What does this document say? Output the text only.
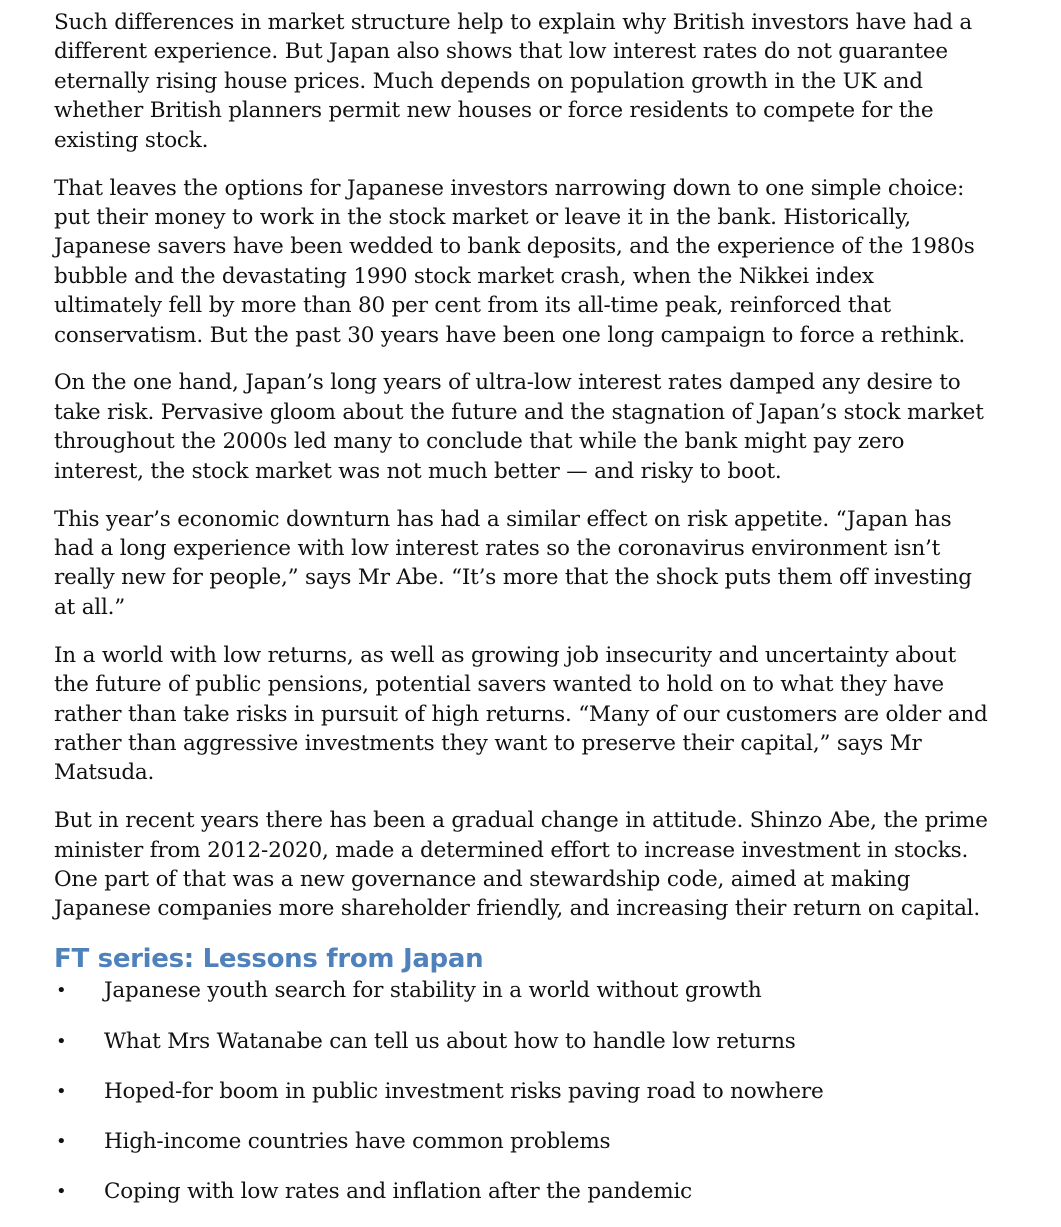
Such differences in market structure help to explain why British investors have had a
different experience. But Japan also shows that low interest rates do not guarantee
eternally rising house prices. Much depends on population growth in the UK and
whether British planners permit new houses or force residents to compete for the
existing stock.

That leaves the options for Japanese investors narrowing down to one simple choice:
put their money to work in the stock market or leave it in the bank. Historically,
Japanese savers have been wedded to bank deposits, and the experience of the 1980s
bubble and the devastating 1990 stock market crash, when the Nikkei index
ultimately fell by more than 80 per cent from its all-time peak, reinforced that
conservatism. But the past 30 years have been one long campaign to force a rethink.

On the one hand, Japan’s long years of ultra-low interest rates damped any desire to
take risk. Pervasive gloom about the future and the stagnation of Japan’s stock market
throughout the 2000s led many to conclude that while the bank might pay zero
interest, the stock market was not much better — and risky to boot.

This year’s economic downturn has had a similar effect on risk appetite. “Japan has
had a long experience with low interest rates so the coronavirus environment isn’t
really new for people,” says Mr Abe. “It’s more that the shock puts them off investing
at all.”

In a world with low returns, as well as growing job insecurity and uncertainty about
the future of public pensions, potential savers wanted to hold on to what they have
rather than take risks in pursuit of high returns. “Many of our customers are older and
rather than aggressive investments they want to preserve their capital,” says Mr
Matsuda.

But in recent years there has been a gradual change in attitude. Shinzo Abe, the prime
minister from 2012-2020, made a determined effort to increase investment in stocks.
One part of that was a new governance and stewardship code, aimed at making
Japanese companies more shareholder friendly, and increasing their return on capital.

FT series: Lessons from Japan
• Japanese youth search for stability in a world without growth
• What Mrs Watanabe can tell us about how to handle low returns
• Hoped-for boom in public investment risks paving road to nowhere
• High-income countries have common problems
• Coping with low rates and inflation after the pandemic
